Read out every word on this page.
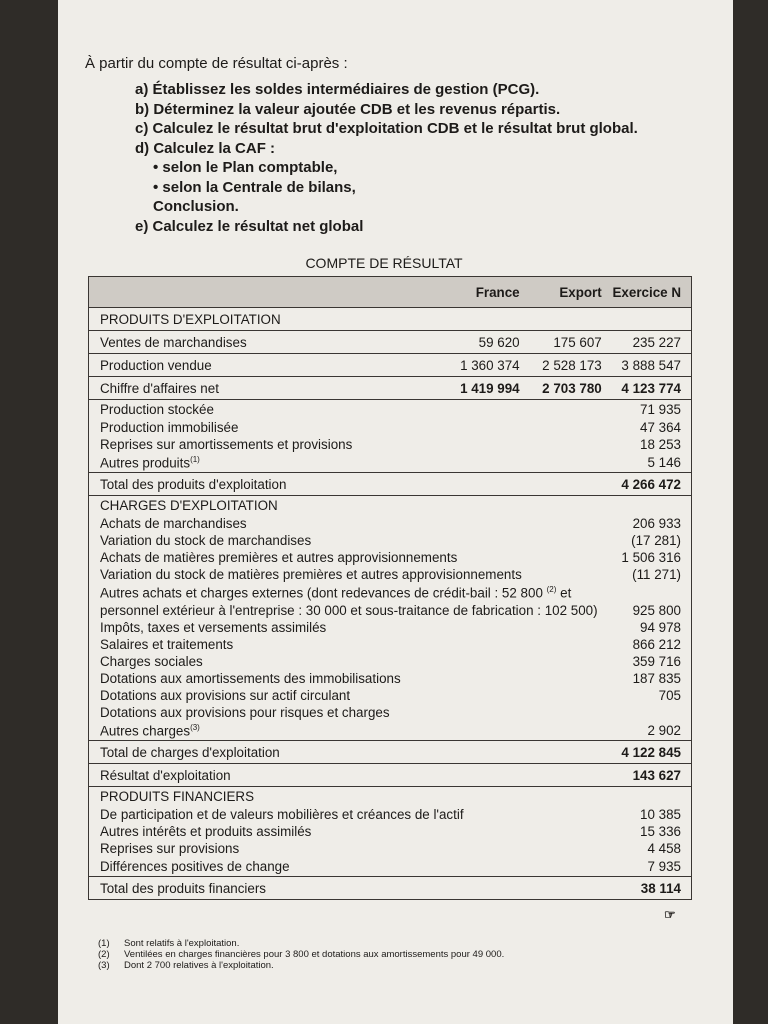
À partir du compte de résultat ci-après :
a) Établissez les soldes intermédiaires de gestion (PCG).
b) Déterminez la valeur ajoutée CDB et les revenus répartis.
c) Calculez le résultat brut d'exploitation CDB et le résultat brut global.
d) Calculez la CAF :
• selon le Plan comptable,
• selon la Centrale de bilans,
Conclusion.
e) Calculez le résultat net global
COMPTE DE RÉSULTAT
	France	Export	Exercice N
PRODUITS D'EXPLOITATION			
Ventes de marchandises	59 620	175 607	235 227
Production vendue	1 360 374	2 528 173	3 888 547
Chiffre d'affaires net	1 419 994	2 703 780	4 123 774
Production stockée			71 935
Production immobilisée			47 364
Reprises sur amortissements et provisions			18 253
Autres produits$^{(1)}$			5 146
Total des produits d'exploitation			4 266 472
CHARGES D'EXPLOITATION			
Achats de marchandises			206 933
Variation du stock de marchandises			(17 281)
Achats de matières premières et autres approvisionnements			1 506 316
Variation du stock de matières premières et autres approvisionnements			(11 271)
Autres achats et charges externes (dont redevances de crédit-bail : 52 800 $^{(2)}$ et			
personnel extérieur à l'entreprise : 30 000 et sous-traitance de fabrication : 102 500)			925 800
Impôts, taxes et versements assimilés			94 978
Salaires et traitements			866 212
Charges sociales			359 716
Dotations aux amortissements des immobilisations			187 835
Dotations aux provisions sur actif circulant			705
Dotations aux provisions pour risques et charges			
Autres charges$^{(3)}$			2 902
Total de charges d'exploitation			4 122 845
Résultat d'exploitation			143 627
PRODUITS FINANCIERS			
De participation et de valeurs mobilières et créances de l'actif			10 385
Autres intérêts et produits assimilés			15 336
Reprises sur provisions			4 458
Différences positives de change			7 935
Total des produits financiers			38 114
☞
(1) Sont relatifs à l'exploitation.
(2) Ventilées en charges financières pour 3 800 et dotations aux amortissements pour 49 000.
(3) Dont 2 700 relatives à l'exploitation.
